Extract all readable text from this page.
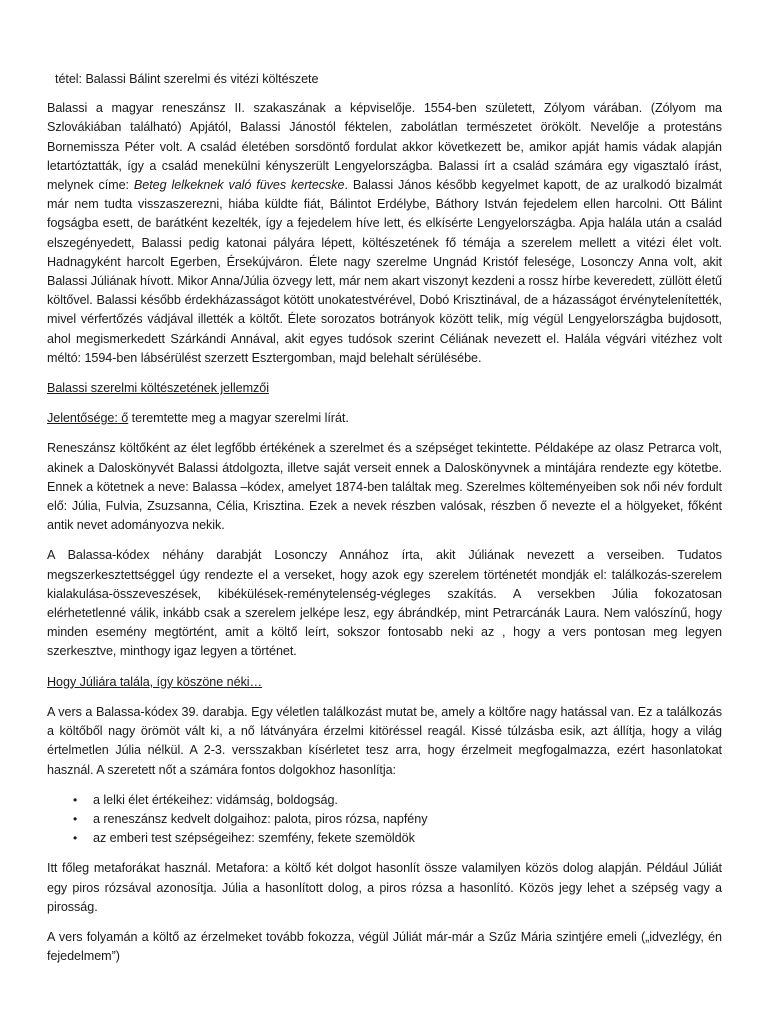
tétel: Balassi Bálint szerelmi és vitézi költészete

Balassi a magyar reneszánsz II. szakaszának a képviselője. 1554-ben született, Zólyom várában. (Zólyom ma Szlovákiában található) Apjától, Balassi Jánostól féktelen, zabolátlan természetet örökölt. Nevelője a protestáns Bornemissza Péter volt. A család életében sorsdöntő fordulat akkor következett be, amikor apját hamis vádak alapján letartóztatták, így a család menekülni kényszerült Lengyelországba. Balassi írt a család számára egy vigasztaló írást, melynek címe: Beteg lelkeknek való füves kertecske. Balassi János később kegyelmet kapott, de az uralkodó bizalmát már nem tudta visszaszerezni, hiába küldte fiát, Bálintot Erdélybe, Báthory István fejedelem ellen harcolni. Ott Bálint fogságba esett, de barátként kezelték, így a fejedelem híve lett, és elkísérte Lengyelországba. Apja halála után a család elszegényedett, Balassi pedig katonai pályára lépett, költészetének fő témája a szerelem mellett a vitézi élet volt. Hadnagyként harcolt Egerben, Érsekújváron. Élete nagy szerelme Ungnád Kristóf felesége, Losonczy Anna volt, akit Balassi Júliának hívott. Mikor Anna/Júlia özvegy lett, már nem akart viszonyt kezdeni a rossz hírbe keveredett, züllött életű költővel. Balassi később érdekházasságot kötött unokatestvérével, Dobó Krisztinával, de a házasságot érvénytelenítették, mivel vérfertőzés vádjával illették a költőt. Élete sorozatos botrányok között telik, míg végül Lengyelországba bujdosott, ahol megismerkedett Szárkándi Annával, akit egyes tudósok szerint Céliának nevezett el. Halála végvári vitézhez volt méltó: 1594-ben lábsérülést szerzett Esztergomban, majd belehalt sérülésébe.

Balassi szerelmi költészetének jellemzői

Jelentősége: ő teremtette meg a magyar szerelmi lírát.

Reneszánsz költőként az élet legfőbb értékének a szerelmet és a szépséget tekintette. Példaképe az olasz Petrarca volt, akinek a Daloskönyvét Balassi átdolgozta, illetve saját verseit ennek a Daloskönyvnek a mintájára rendezte egy kötetbe. Ennek a kötetnek a neve: Balassa –kódex, amelyet 1874-ben találtak meg. Szerelmes költeményeiben sok női név fordult elő: Júlia, Fulvia, Zsuzsanna, Célia, Krisztina. Ezek a nevek részben valósak, részben ő nevezte el a hölgyeket, főként antik nevet adományozva nekik.

A Balassa-kódex néhány darabját Losonczy Annához írta, akit Júliának nevezett a verseiben. Tudatos megszerkesztettséggel úgy rendezte el a verseket, hogy azok egy szerelem történetét mondják el: találkozás-szerelem kialakulása-összeveszések, kibékülések-reménytelenség-végleges szakítás. A versekben Júlia fokozatosan elérhetetlenné válik, inkább csak a szerelem jelképe lesz, egy ábrándkép, mint Petrarcánák Laura. Nem valószínű, hogy minden esemény megtörtént, amit a költő leírt, sokszor fontosabb neki az , hogy a vers pontosan meg legyen szerkesztve, minthogy igaz legyen a történet.

Hogy Júliára talála, így köszöne néki…

A vers a Balassa-kódex 39. darabja. Egy véletlen találkozást mutat be, amely a költőre nagy hatással van. Ez a találkozás a költőből nagy örömöt vált ki, a nő látványára érzelmi kitöréssel reagál. Kissé túlzásba esik, azt állítja, hogy a világ értelmetlen Júlia nélkül. A 2-3. versszakban kísérletet tesz arra, hogy érzelmeit megfogalmazza, ezért hasonlatokat használ. A szeretett nőt a számára fontos dolgokhoz hasonlítja:

• a lelki élet értékeihez: vidámság, boldogság.
• a reneszánsz kedvelt dolgaihoz: palota, piros rózsa, napfény
• az emberi test szépségeihez: szemfény, fekete szemöldök

Itt főleg metaforákat használ. Metafora: a költő két dolgot hasonlít össze valamilyen közös dolog alapján. Például Júliát egy piros rózsával azonosítja. Júlia a hasonlított dolog, a piros rózsa a hasonlító. Közös jegy lehet a szépség vagy a pirosság.

A vers folyamán a költő az érzelmeket tovább fokozza, végül Júliát már-már a Szűz Mária szintjére emeli („idvezlégy, én fejedelmem”)
